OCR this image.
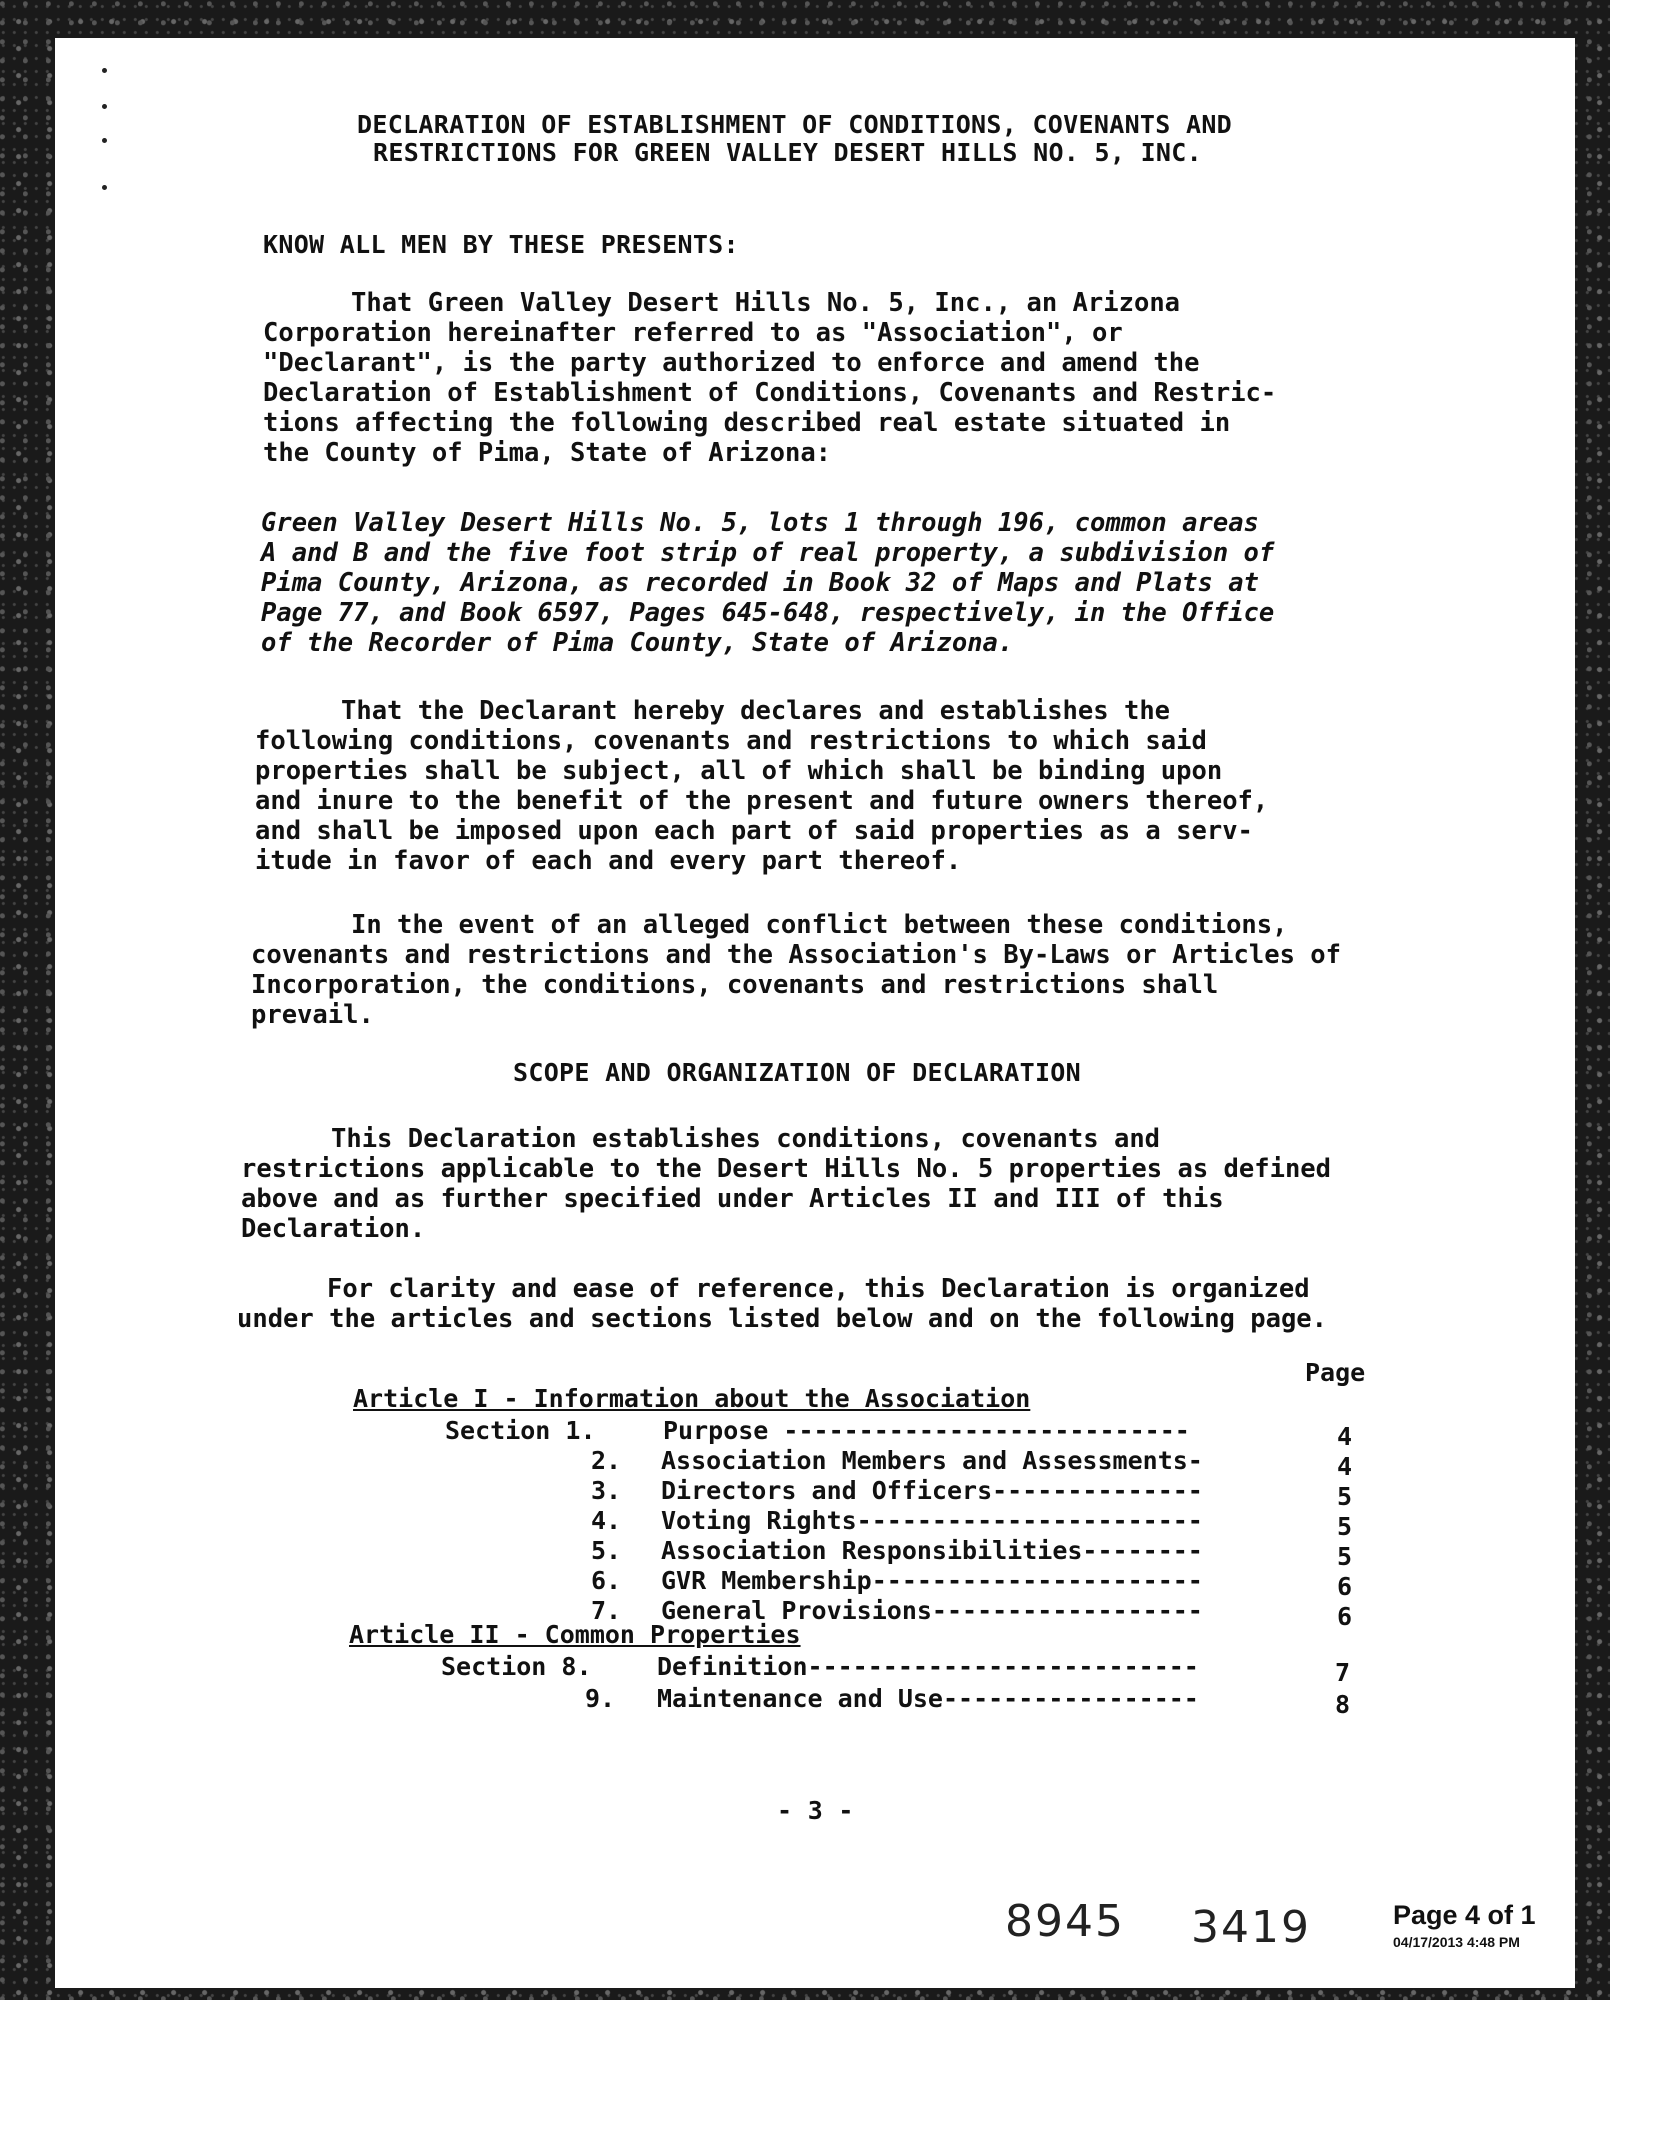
DECLARATION OF ESTABLISHMENT OF CONDITIONS, COVENANTS AND
RESTRICTIONS FOR GREEN VALLEY DESERT HILLS NO. 5, INC.
KNOW ALL MEN BY THESE PRESENTS:
That Green Valley Desert Hills No. 5, Inc., an Arizona
Corporation hereinafter referred to as "Association", or
"Declarant", is the party authorized to enforce and amend the
Declaration of Establishment of Conditions, Covenants and Restric-
tions affecting the following described real estate situated in
the County of Pima, State of Arizona:
Green Valley Desert Hills No. 5, lots 1 through 196, common areas
A and B and the five foot strip of real property, a subdivision of
Pima County, Arizona, as recorded in Book 32 of Maps and Plats at
Page 77, and Book 6597, Pages 645-648, respectively, in the Office
of the Recorder of Pima County, State of Arizona.
That the Declarant hereby declares and establishes the
following conditions, covenants and restrictions to which said
properties shall be subject, all of which shall be binding upon
and inure to the benefit of the present and future owners thereof,
and shall be imposed upon each part of said properties as a serv-
itude in favor of each and every part thereof.
In the event of an alleged conflict between these conditions,
covenants and restrictions and the Association's By-Laws or Articles of
Incorporation, the conditions, covenants and restrictions shall
prevail.
SCOPE AND ORGANIZATION OF DECLARATION
This Declaration establishes conditions, covenants and
restrictions applicable to the Desert Hills No. 5 properties as defined
above and as further specified under Articles II and III of this
Declaration.
For clarity and ease of reference, this Declaration is organized
under the articles and sections listed below and on the following page.
Page
Article I - Information about the Association
Section 1.	Purpose ---------------------------	4
2. Association Members and Assessments-	4
3. Directors and Officers--------------	5
4. Voting Rights-----------------------	5
5. Association Responsibilities--------	5
6. GVR Membership----------------------	6
7. General Provisions------------------	6
Article II - Common Properties
Section 8.	Definition--------------------------	7
9. Maintenance and Use-----------------	8
- 3 -
8945 3419	Page 4 of 1
04/17/2013 4:48 PM
